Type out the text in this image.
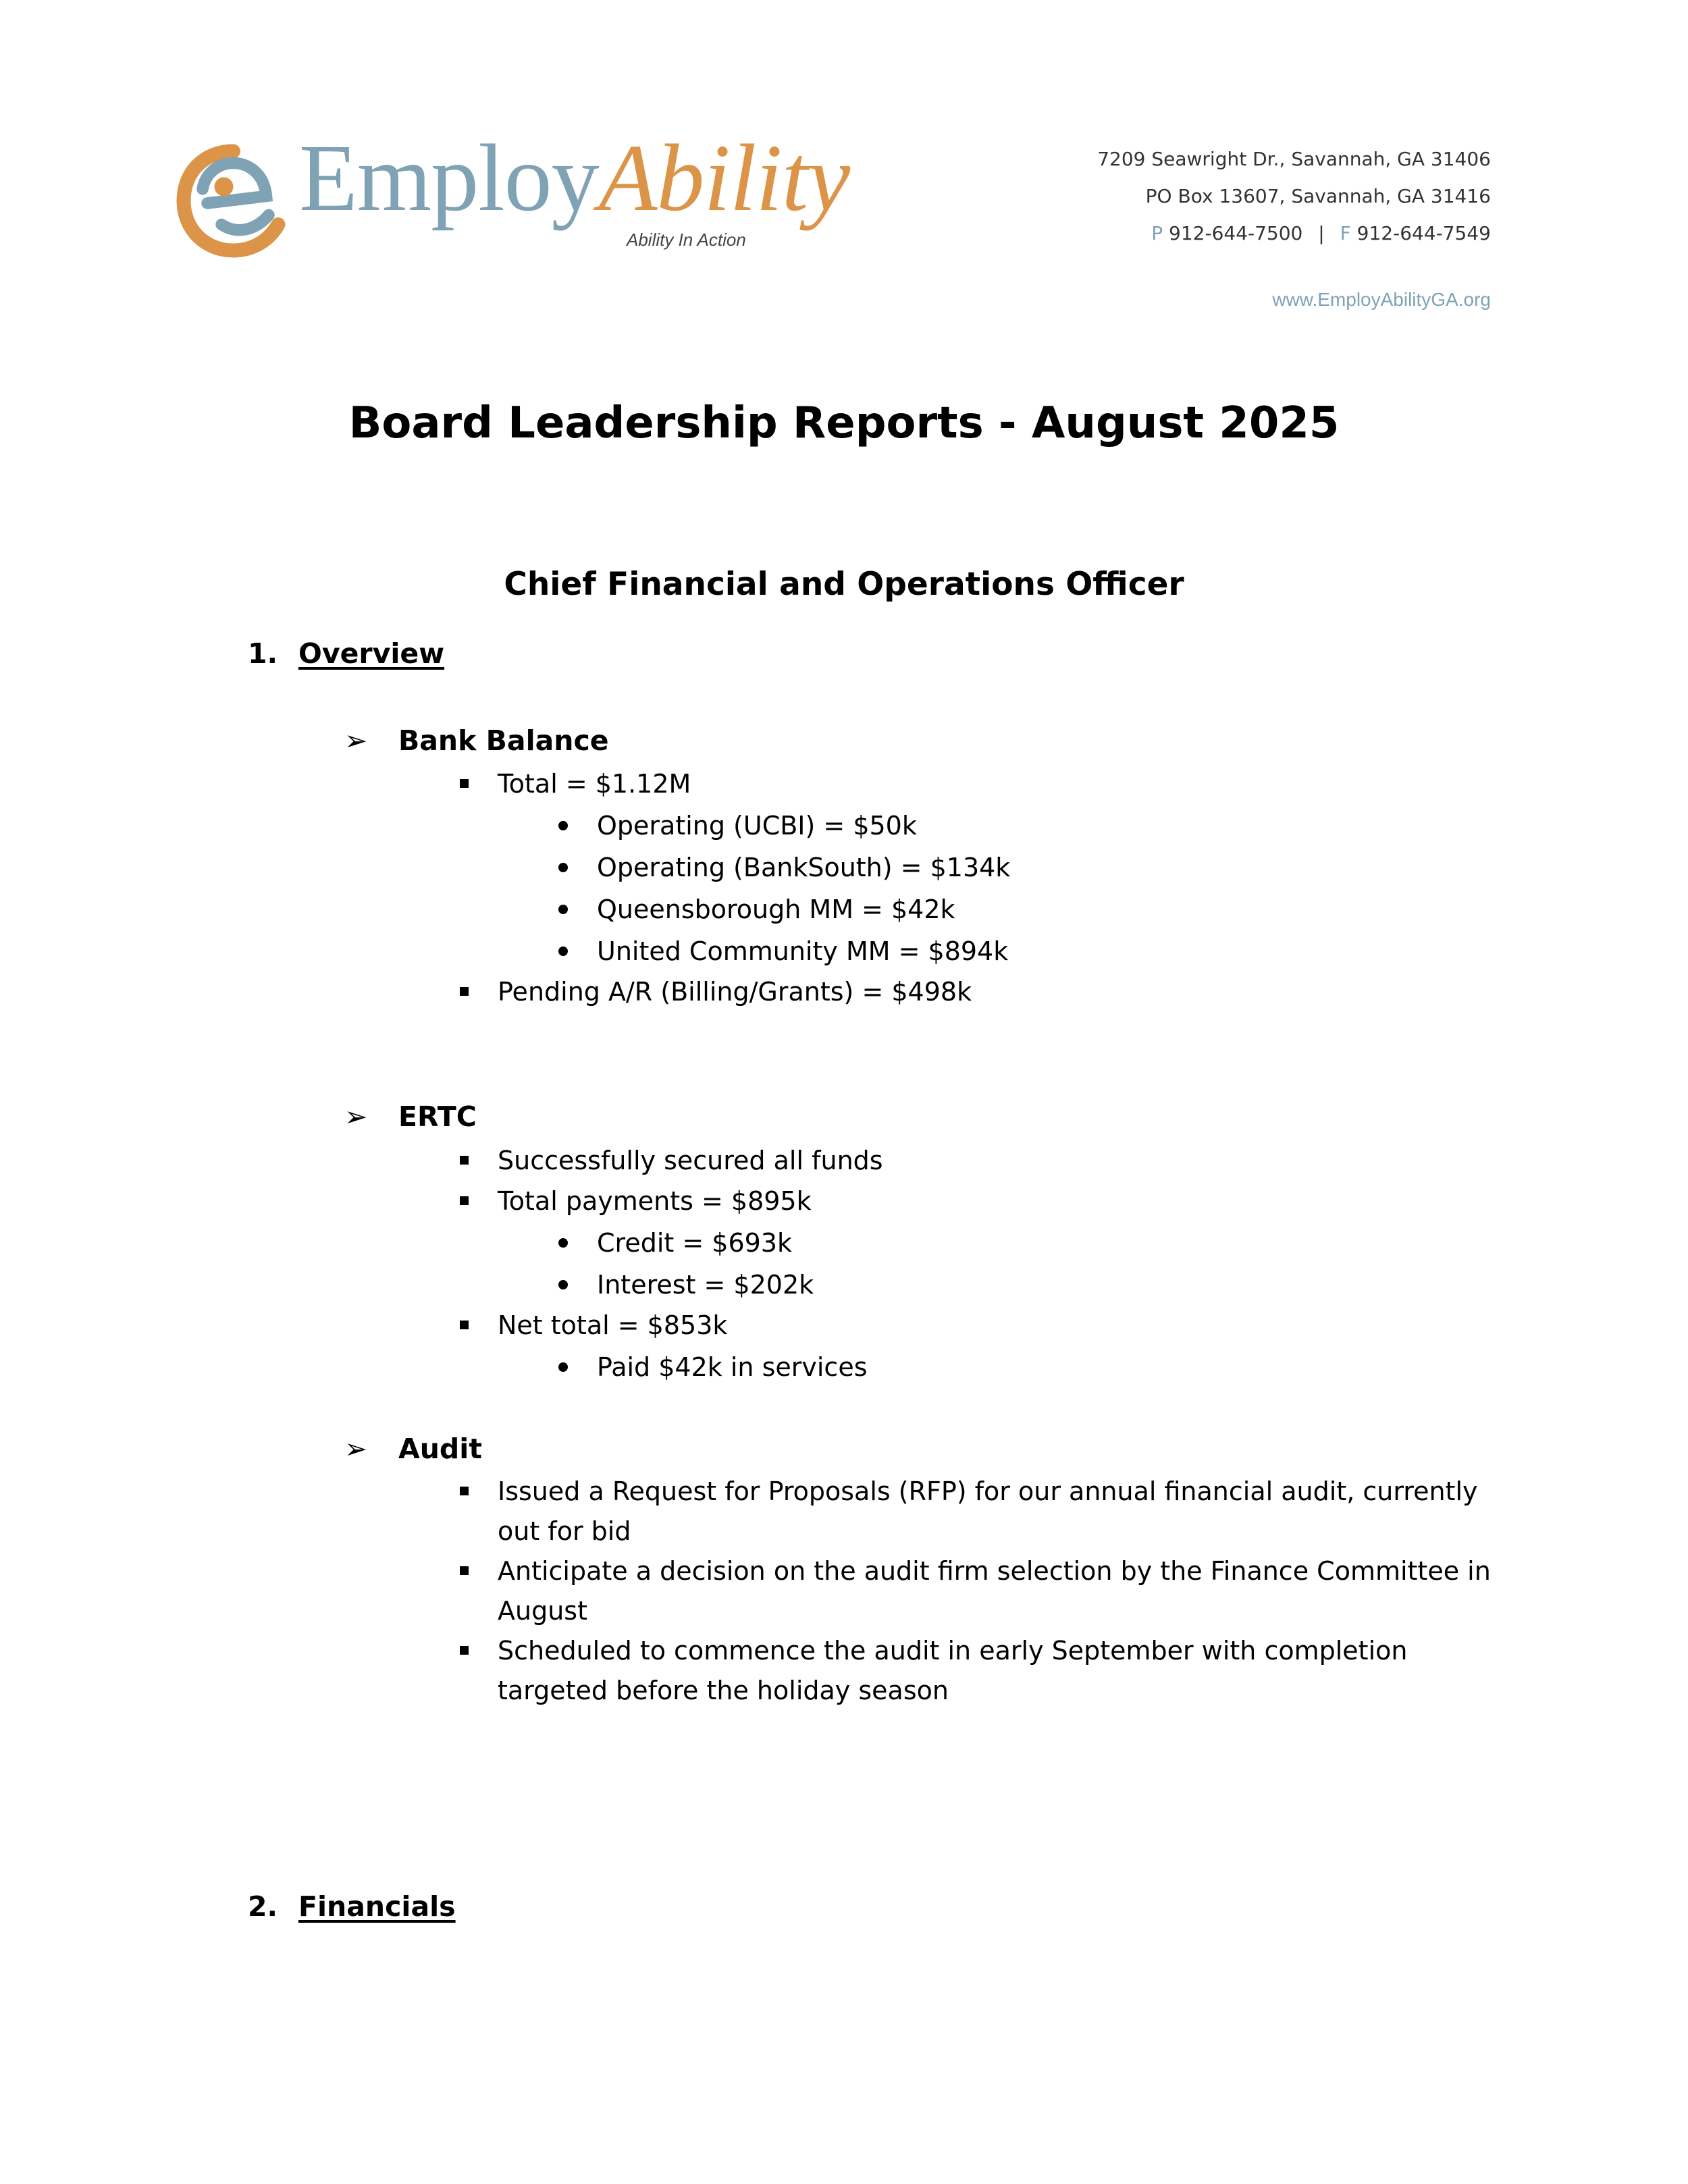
EmployAbility
Ability In Action
7209 Seawright Dr., Savannah, GA 31406
PO Box 13607, Savannah, GA 31416
P 912-644-7500 | F 912-644-7549
www.EmployAbilityGA.org
Board Leadership Reports - August 2025
Chief Financial and Operations Officer
1. Overview
➢ Bank Balance
Total = $1.12M
Operating (UCBI) = $50k
Operating (BankSouth) = $134k
Queensborough MM = $42k
United Community MM = $894k
Pending A/R (Billing/Grants) = $498k
➢ ERTC
Successfully secured all funds
Total payments = $895k
Credit = $693k
Interest = $202k
Net total = $853k
Paid $42k in services
➢ Audit
Issued a Request for Proposals (RFP) for our annual financial audit, currently out for bid
Anticipate a decision on the audit firm selection by the Finance Committee in August
Scheduled to commence the audit in early September with completion targeted before the holiday season
2. Financials
